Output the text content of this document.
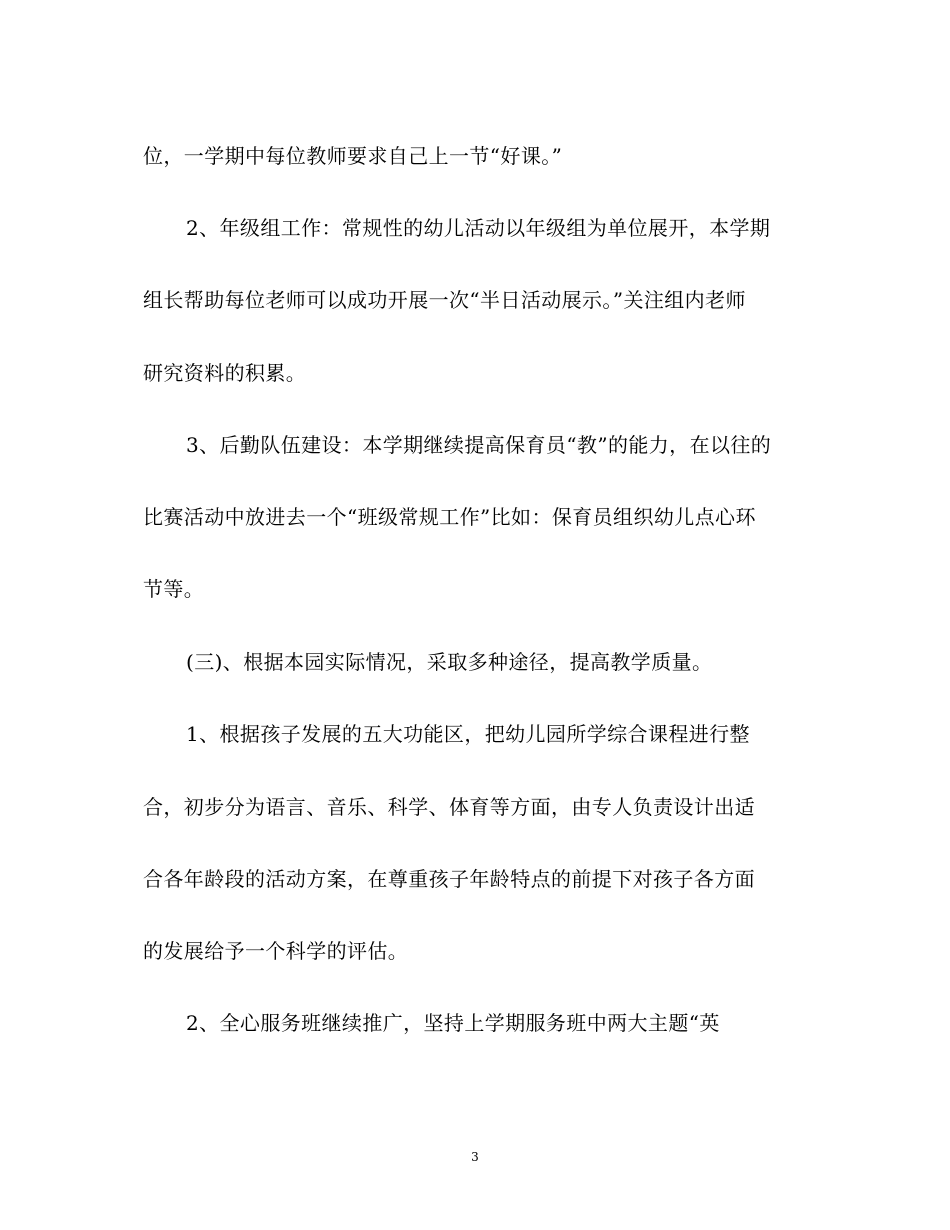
位，一学期中每位教师要求自己上一节“好课。”
2、年级组工作：常规性的幼儿活动以年级组为单位展开，本学期
组长帮助每位老师可以成功开展一次“半日活动展示。”关注组内老师
研究资料的积累。
3、后勤队伍建设：本学期继续提高保育员“教”的能力，在以往的
比赛活动中放进去一个“班级常规工作”比如：保育员组织幼儿点心环
节等。
(三)、根据本园实际情况，采取多种途径，提高教学质量。
1、根据孩子发展的五大功能区，把幼儿园所学综合课程进行整
合，初步分为语言、音乐、科学、体育等方面，由专人负责设计出适
合各年龄段的活动方案，在尊重孩子年龄特点的前提下对孩子各方面
的发展给予一个科学的评估。
2、全心服务班继续推广，坚持上学期服务班中两大主题“英
3
